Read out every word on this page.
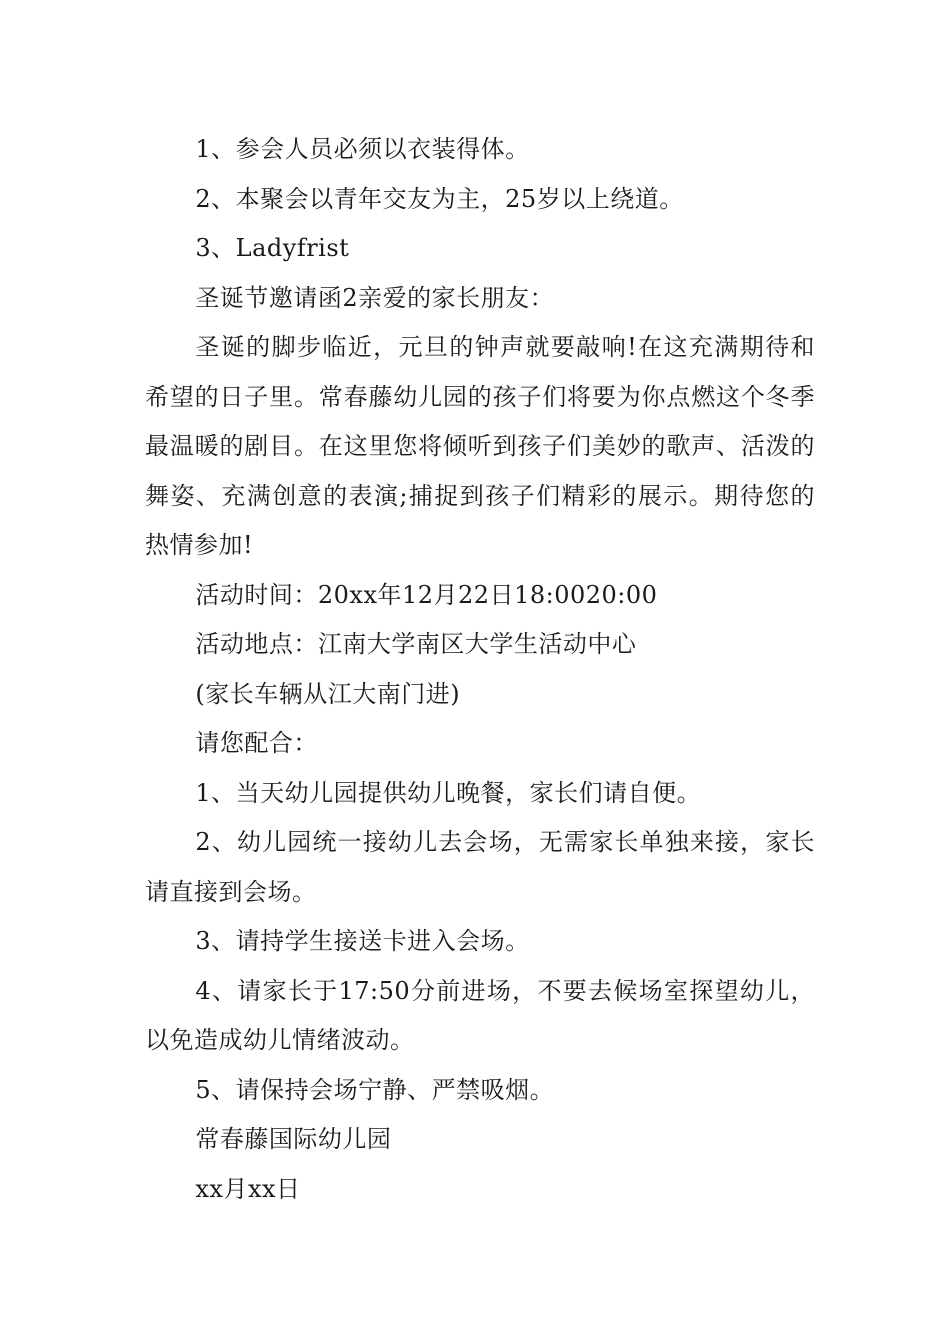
1、参会人员必须以衣装得体。

2、本聚会以青年交友为主，25岁以上绕道。

3、Ladyfrist

圣诞节邀请函2亲爱的家长朋友：

圣诞的脚步临近，元旦的钟声就要敲响!在这充满期待和希望的日子里。常春藤幼儿园的孩子们将要为你点燃这个冬季最温暖的剧目。在这里您将倾听到孩子们美妙的歌声、活泼的舞姿、充满创意的表演;捕捉到孩子们精彩的展示。期待您的热情参加!

活动时间：20xx年12月22日18:0020:00

活动地点：江南大学南区大学生活动中心

(家长车辆从江大南门进)

请您配合：

1、当天幼儿园提供幼儿晚餐，家长们请自便。

2、幼儿园统一接幼儿去会场，无需家长单独来接，家长请直接到会场。

3、请持学生接送卡进入会场。

4、请家长于17:50分前进场，不要去候场室探望幼儿，以免造成幼儿情绪波动。

5、请保持会场宁静、严禁吸烟。

常春藤国际幼儿园

xx月xx日
